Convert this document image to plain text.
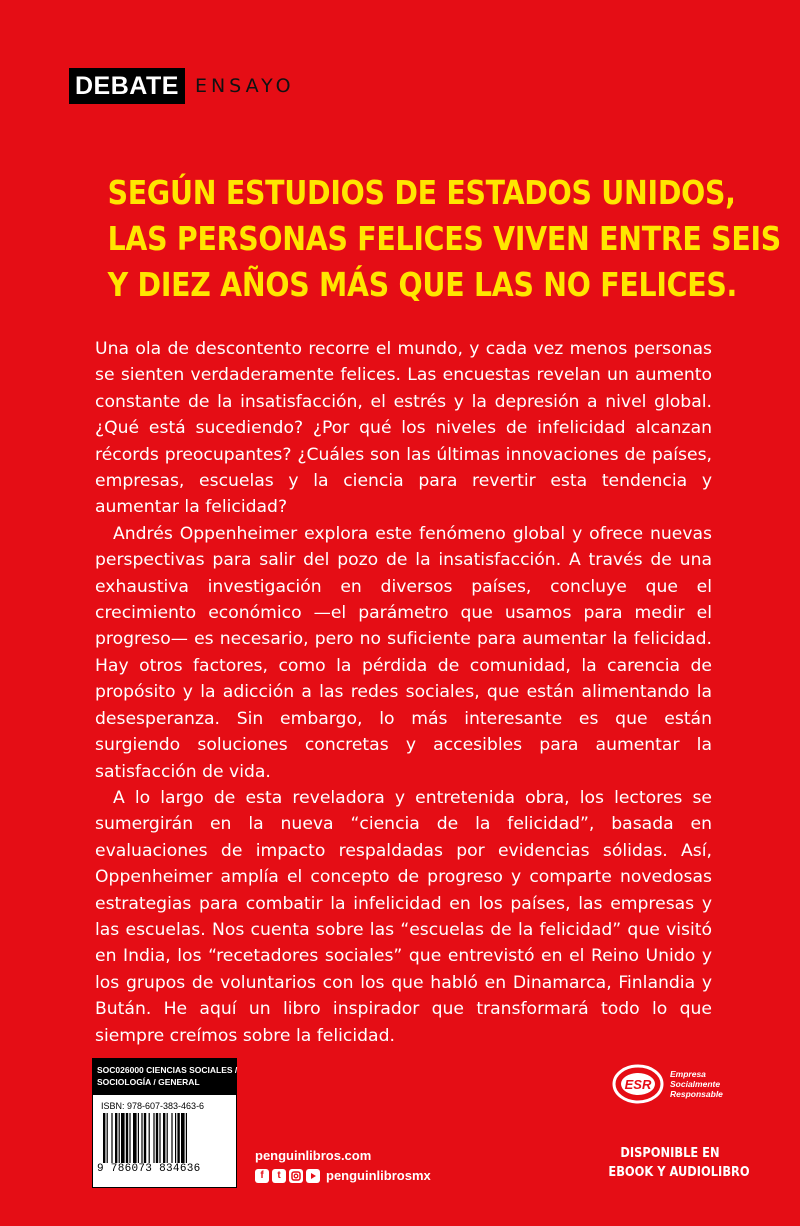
DEBATE ENSAYO
SEGÚN ESTUDIOS DE ESTADOS UNIDOS,
LAS PERSONAS FELICES VIVEN ENTRE SEIS
Y DIEZ AÑOS MÁS QUE LAS NO FELICES.

Una ola de descontento recorre el mundo, y cada vez menos personas se sienten verdaderamente felices. Las encuestas revelan un aumento constante de la insatisfacción, el estrés y la depresión a nivel global. ¿Qué está sucediendo? ¿Por qué los niveles de infelicidad alcanzan récords preocupantes? ¿Cuáles son las últimas innovaciones de países, empresas, escuelas y la ciencia para revertir esta tendencia y aumentar la felicidad?

Andrés Oppenheimer explora este fenómeno global y ofrece nuevas perspectivas para salir del pozo de la insatisfacción. A través de una exhaustiva investigación en diversos países, concluye que el crecimiento económico —el parámetro que usamos para medir el progreso— es necesario, pero no suficiente para aumentar la felicidad. Hay otros factores, como la pérdida de comunidad, la carencia de propósito y la adicción a las redes sociales, que están alimentando la desesperanza. Sin embargo, lo más interesante es que están surgiendo soluciones concretas y accesibles para aumentar la satisfacción de vida.

A lo largo de esta reveladora y entretenida obra, los lectores se sumergirán en la nueva “ciencia de la felicidad”, basada en evaluaciones de impacto respaldadas por evidencias sólidas. Así, Oppenheimer amplía el concepto de progreso y comparte novedosas estrategias para combatir la infelicidad en los países, las empresas y las escuelas. Nos cuenta sobre las “escuelas de la felicidad” que visitó en India, los “recetadores sociales” que entrevistó en el Reino Unido y los grupos de voluntarios con los que habló en Dinamarca, Finlandia y Bután. He aquí un libro inspirador que transformará todo lo que siempre creímos sobre la felicidad.

SOC026000 CIENCIAS SOCIALES /
SOCIOLOGÍA / GENERAL
ISBN: 978-607-383-463-6
9 786073 834636
penguinlibros.com
f	t	penguinlibrosmx
ESR
Empresa
Socialmente
Responsable
DISPONIBLE EN
EBOOK Y AUDIOLIBRO
